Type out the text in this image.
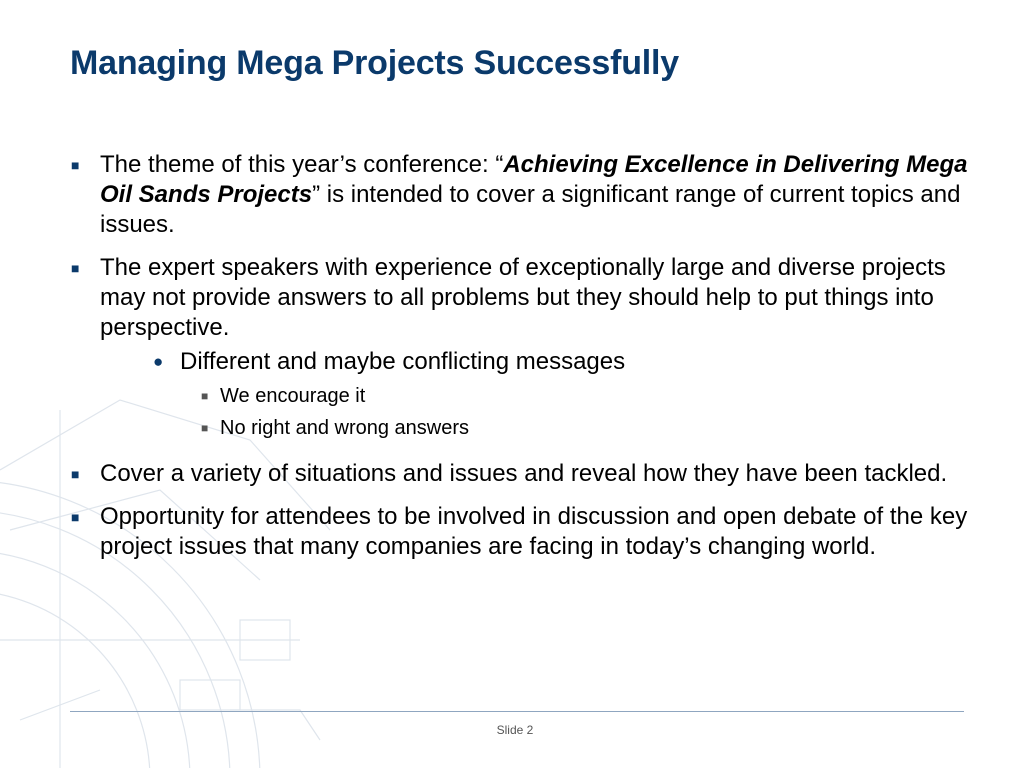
Managing Mega Projects Successfully
■ The theme of this year’s conference: “Achieving Excellence in Delivering Mega Oil Sands Projects” is intended to cover a significant range of current topics and issues.
■ The expert speakers with experience of exceptionally large and diverse projects may not provide answers to all problems but they should help to put things into perspective.
● Different and maybe conflicting messages
■ We encourage it
■ No right and wrong answers
■ Cover a variety of situations and issues and reveal how they have been tackled.
■ Opportunity for attendees to be involved in discussion and open debate of the key project issues that many companies are facing in today’s changing world.
Slide 2
